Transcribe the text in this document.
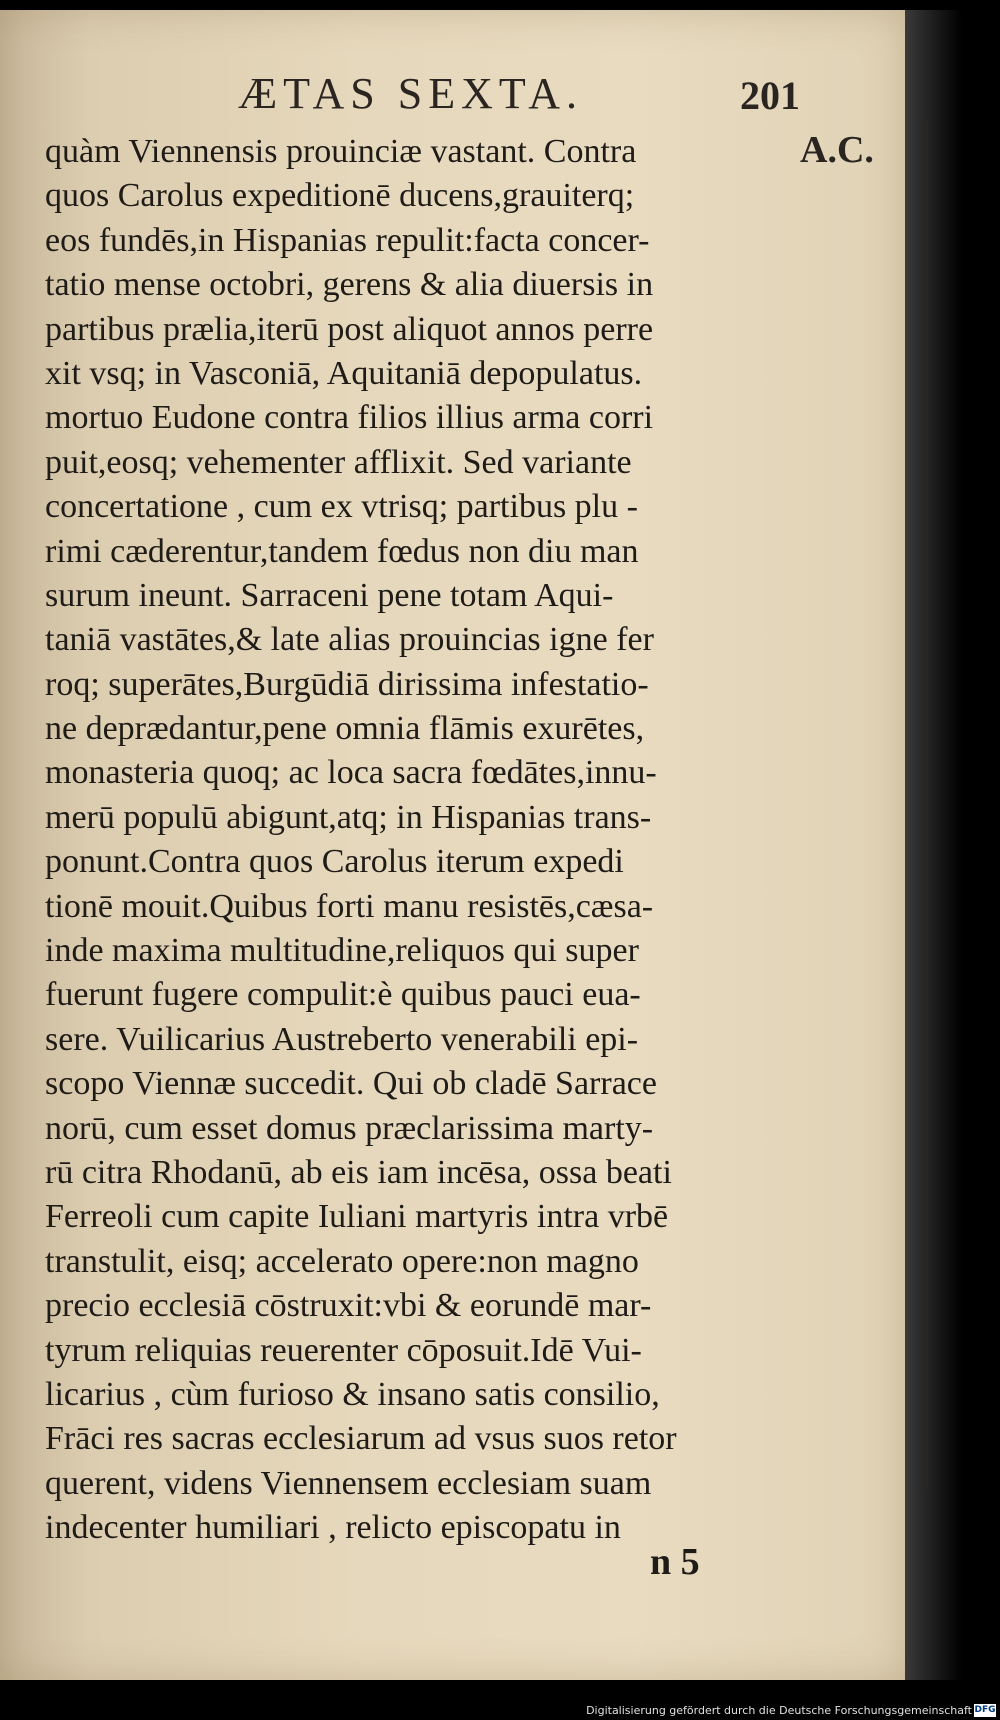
ÆTAS SEXTA.	201
A.C.
quàm Viennensis prouinciæ vastant. Contra
quos Carolus expeditionē ducens,grauiterq;
eos fundēs,in Hispanias repulit:facta concer-
tatio mense octobri, gerens & alia diuersis in
partibus prælia,iterū post aliquot annos perre
xit vsq; in Vasconiā, Aquitaniā depopulatus.
mortuo Eudone contra filios illius arma corri
puit,eosq; vehementer afflixit. Sed variante
concertatione , cum ex vtrisq; partibus plu -
rimi cæderentur,tandem fœdus non diu man
surum ineunt. Sarraceni pene totam Aqui-
taniā vastātes,& late alias prouincias igne fer
roq; superātes,Burgūdiā dirissima infestatio-
ne deprædantur,pene omnia flāmis exurētes,
monasteria quoq; ac loca sacra fœdātes,innu-
merū populū abigunt,atq; in Hispanias trans-
ponunt.Contra quos Carolus iterum expedi
tionē mouit.Quibus forti manu resistēs,cæsa-
inde maxima multitudine,reliquos qui super
fuerunt fugere compulit:è quibus pauci eua-
sere. Vuilicarius Austreberto venerabili epi-
scopo Viennæ succedit. Qui ob cladē Sarrace
norū, cum esset domus præclarissima marty-
rū citra Rhodanū, ab eis iam incēsa, ossa beati
Ferreoli cum capite Iuliani martyris intra vrbē
transtulit, eisq; accelerato opere:non magno
precio ecclesiā cōstruxit:vbi & eorundē mar-
tyrum reliquias reuerenter cōposuit.Idē Vui-
licarius , cùm furioso & insano satis consilio,
Frāci res sacras ecclesiarum ad vsus suos retor
querent, videns Viennensem ecclesiam suam
indecenter humiliari , relicto episcopatu in
n 5
Digitalisierung gefördert durch die Deutsche Forschungsgemeinschaft DFG
